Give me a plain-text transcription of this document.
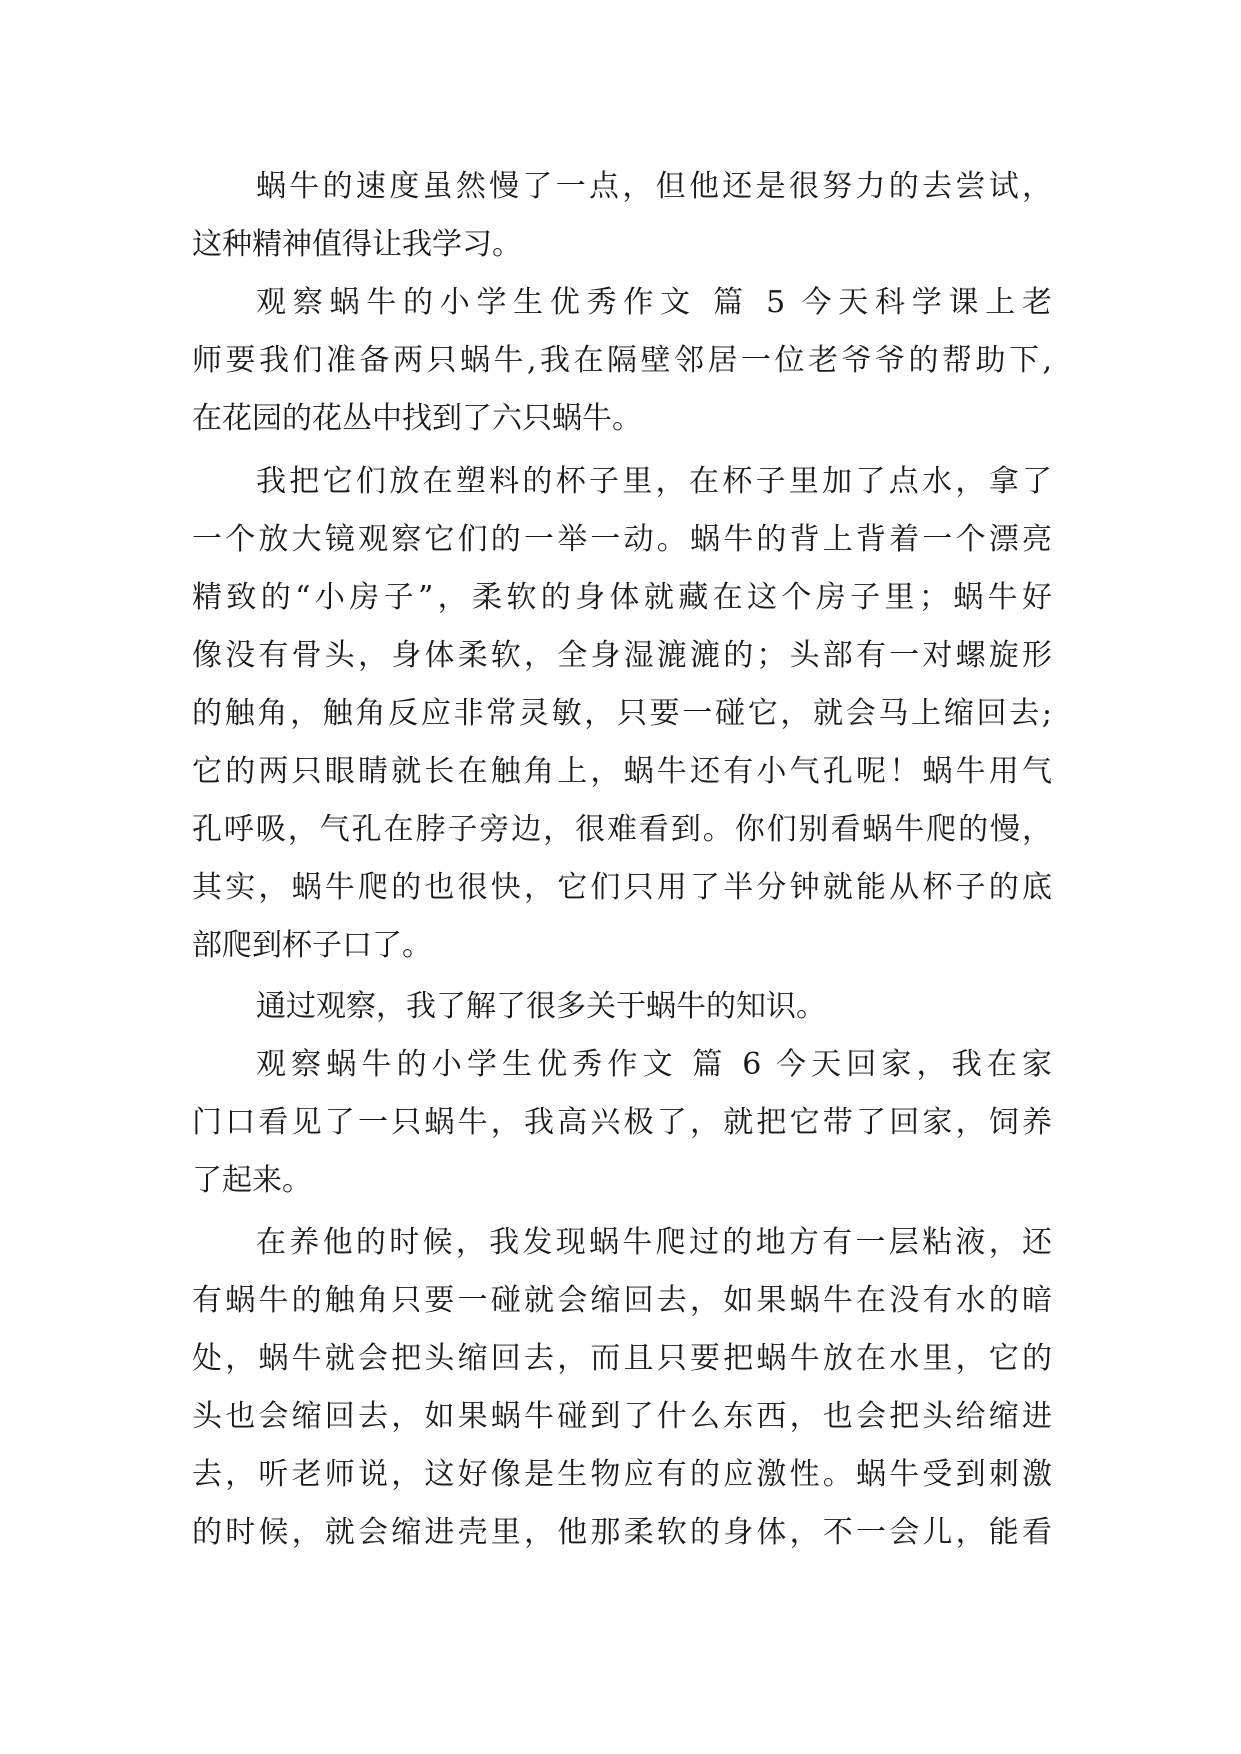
蜗牛的速度虽然慢了一点，但他还是很努力的去尝试，
这种精神值得让我学习。
观察蜗牛的小学生优秀作文 篇 5 今天科学课上老
师要我们准备两只蜗牛,我在隔壁邻居一位老爷爷的帮助下,
在花园的花丛中找到了六只蜗牛。
我把它们放在塑料的杯子里，在杯子里加了点水，拿了
一个放大镜观察它们的一举一动。蜗牛的背上背着一个漂亮
精致的“小房子”，柔软的身体就藏在这个房子里；蜗牛好
像没有骨头，身体柔软，全身湿漉漉的；头部有一对螺旋形
的触角，触角反应非常灵敏，只要一碰它，就会马上缩回去;
它的两只眼睛就长在触角上，蜗牛还有小气孔呢！蜗牛用气
孔呼吸，气孔在脖子旁边，很难看到。你们别看蜗牛爬的慢，
其实，蜗牛爬的也很快，它们只用了半分钟就能从杯子的底
部爬到杯子口了。
通过观察，我了解了很多关于蜗牛的知识。
观察蜗牛的小学生优秀作文 篇 6 今天回家，我在家
门口看见了一只蜗牛，我高兴极了，就把它带了回家，饲养
了起来。
在养他的时候，我发现蜗牛爬过的地方有一层粘液，还
有蜗牛的触角只要一碰就会缩回去，如果蜗牛在没有水的暗
处，蜗牛就会把头缩回去，而且只要把蜗牛放在水里，它的
头也会缩回去，如果蜗牛碰到了什么东西，也会把头给缩进
去，听老师说，这好像是生物应有的应激性。蜗牛受到刺激
的时候，就会缩进壳里，他那柔软的身体，不一会儿，能看
